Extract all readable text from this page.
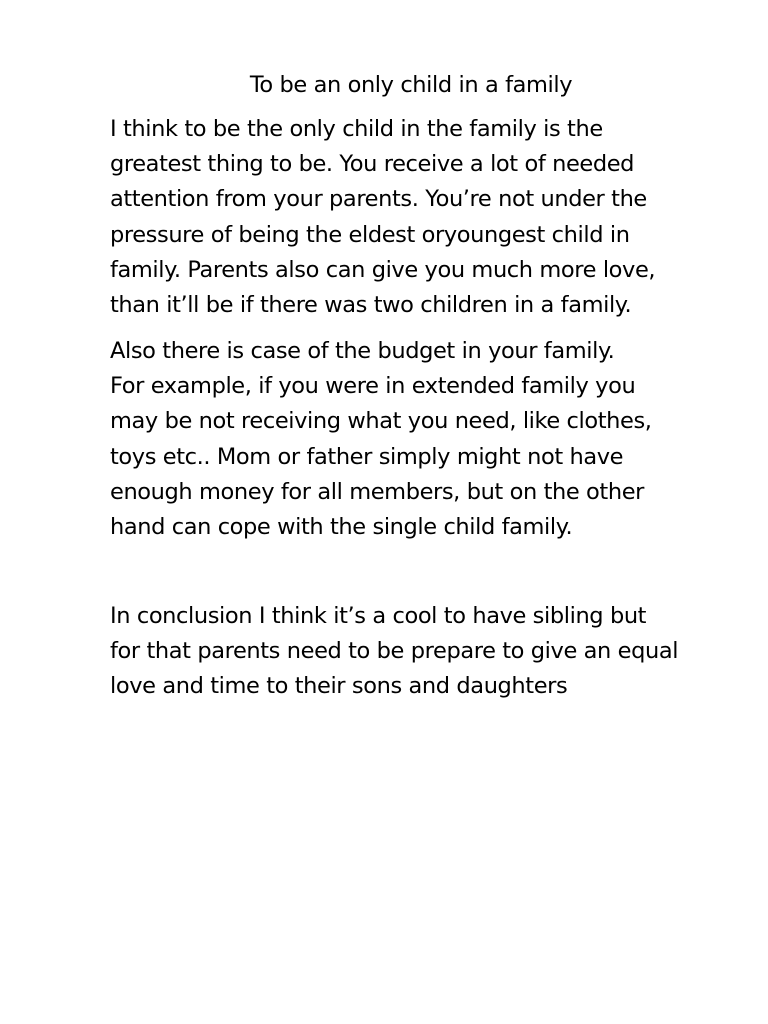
To be an only child in a family

I think to be the only child in the family is the
greatest thing to be. You receive a lot of needed
attention from your parents. You’re not under the
pressure of being the eldest oryoungest child in
family. Parents also can give you much more love,
than it’ll be if there was two children in a family.

Also there is case of the budget in your family.
For example, if you were in extended family you
may be not receiving what you need, like clothes,
toys etc.. Mom or father simply might not have
enough money for all members, but on the other
hand can cope with the single child family.

In conclusion I think it’s a cool to have sibling but
for that parents need to be prepare to give an equal
love and time to their sons and daughters
